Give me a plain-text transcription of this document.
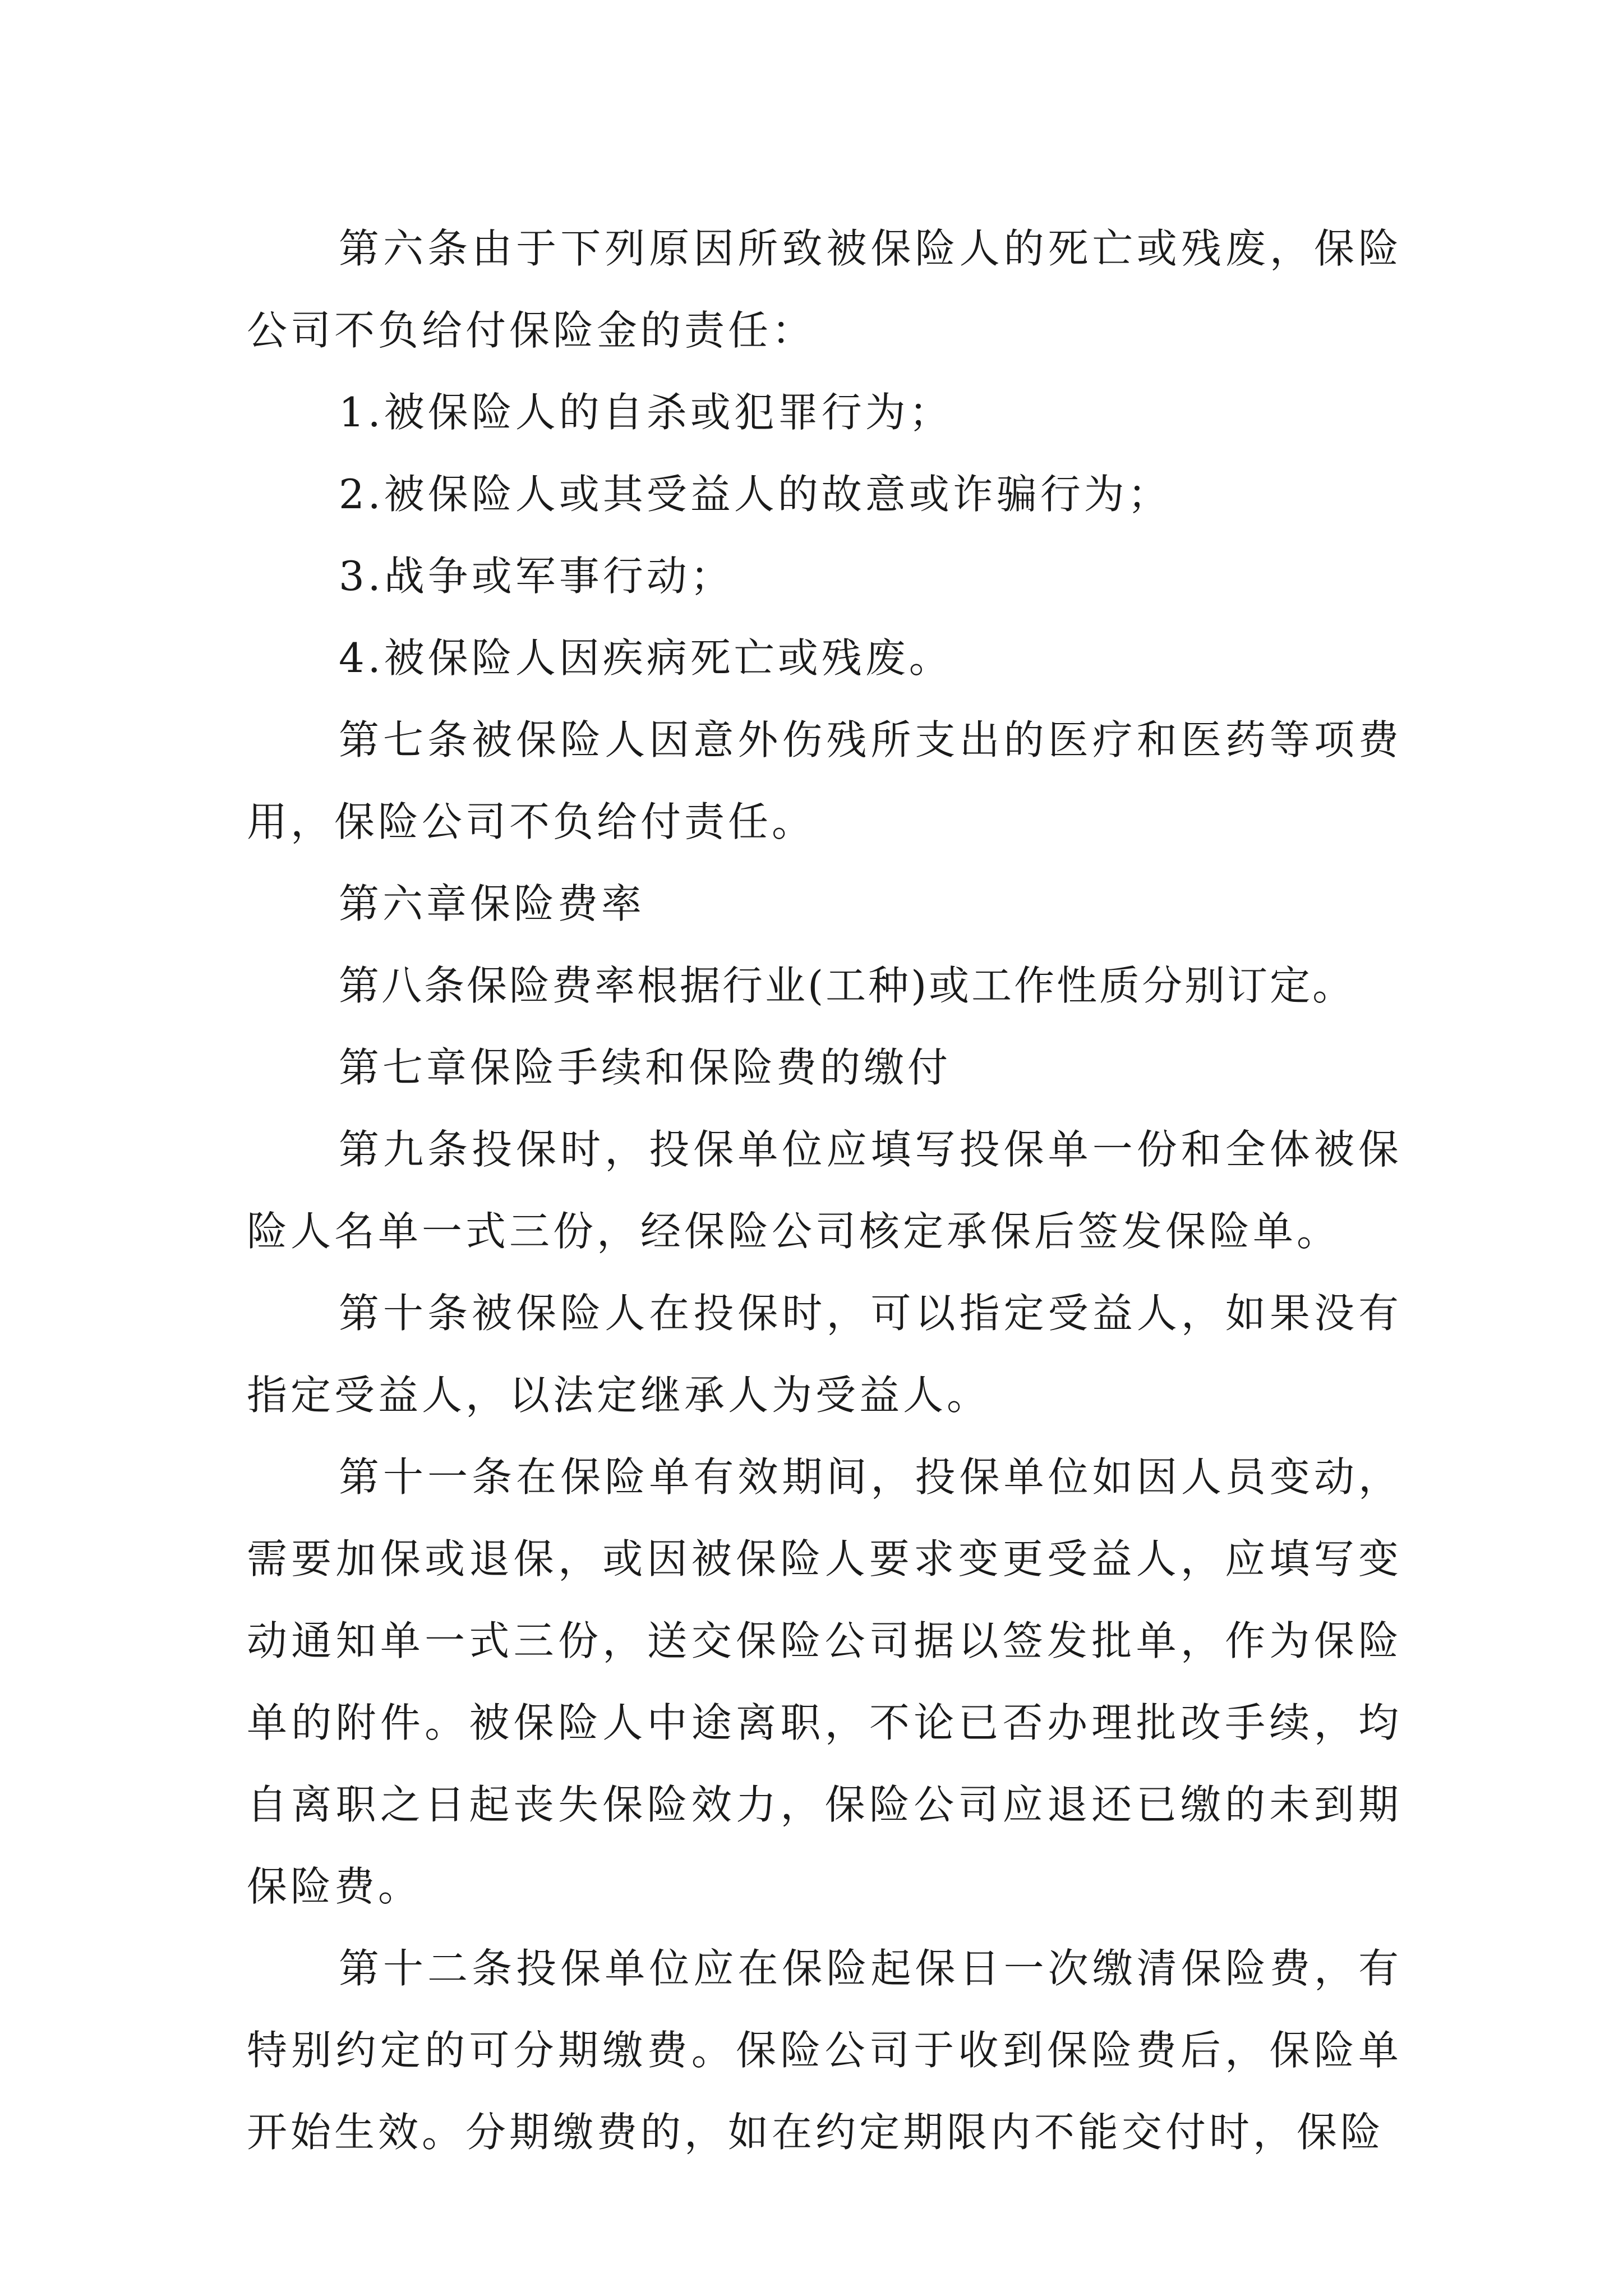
第六条由于下列原因所致被保险人的死亡或残废，保险公司不负给付保险金的责任：

1.被保险人的自杀或犯罪行为；

2.被保险人或其受益人的故意或诈骗行为；

3.战争或军事行动；

4.被保险人因疾病死亡或残废。

第七条被保险人因意外伤残所支出的医疗和医药等项费用，保险公司不负给付责任。

第六章保险费率

第八条保险费率根据行业(工种)或工作性质分别订定。

第七章保险手续和保险费的缴付

第九条投保时，投保单位应填写投保单一份和全体被保险人名单一式三份，经保险公司核定承保后签发保险单。

第十条被保险人在投保时，可以指定受益人，如果没有指定受益人，以法定继承人为受益人。

第十一条在保险单有效期间，投保单位如因人员变动，需要加保或退保，或因被保险人要求变更受益人，应填写变动通知单一式三份，送交保险公司据以签发批单，作为保险单的附件。被保险人中途离职，不论已否办理批改手续，均自离职之日起丧失保险效力，保险公司应退还已缴的未到期保险费。

第十二条投保单位应在保险起保日一次缴清保险费，有特别约定的可分期缴费。保险公司于收到保险费后，保险单开始生效。分期缴费的，如在约定期限内不能交付时，保险
